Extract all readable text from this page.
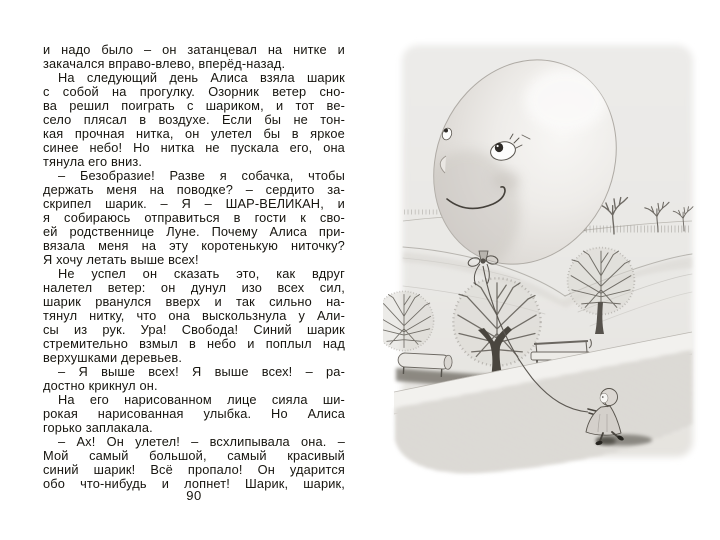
и надо было – он затанцевал на нитке и
закачался вправо-влево, вперёд-назад.
На следующий день Алиса взяла шарик
с собой на прогулку. Озорник ветер сно-
ва решил поиграть с шариком, и тот ве-
село плясал в воздухе. Если бы не тон-
кая прочная нитка, он улетел бы в яркое
синее небо! Но нитка не пускала его, она
тянула его вниз.
– Безобразие! Разве я собачка, чтобы
держать меня на поводке? – сердито за-
скрипел шарик. – Я – ШАР-ВЕЛИКАН, и
я собираюсь отправиться в гости к сво-
ей родственнице Луне. Почему Алиса при-
вязала меня на эту коротенькую ниточку?
Я хочу летать выше всех!
Не успел он сказать это, как вдруг
налетел ветер: он дунул изо всех сил,
шарик рванулся вверх и так сильно на-
тянул нитку, что она выскользнула у Али-
сы из рук. Ура! Свобода! Синий шарик
стремительно взмыл в небо и поплыл над
верхушками деревьев.
– Я выше всех! Я выше всех! – ра-
достно крикнул он.
На его нарисованном лице сияла ши-
рокая нарисованная улыбка. Но Алиса
горько заплакала.
– Ах! Он улетел! – всхлипывала она. –
Мой самый большой, самый красивый
синий шарик! Всё пропало! Он ударится
обо что-нибудь и лопнет! Шарик, шарик,
90
